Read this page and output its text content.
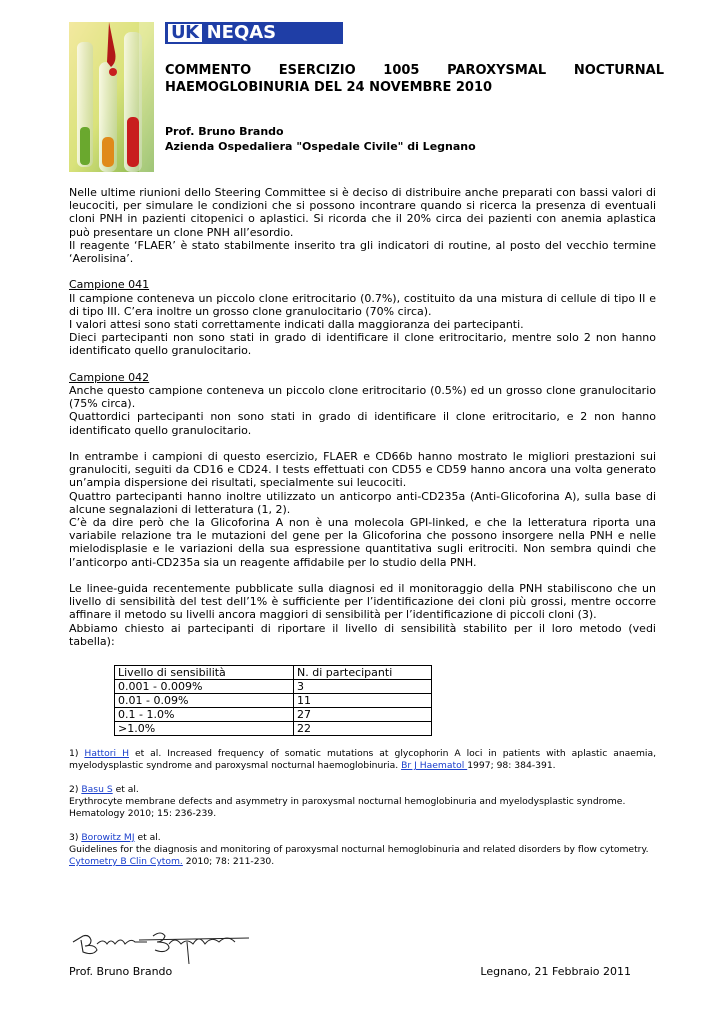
UK NEQAS
COMMENTO ESERCIZIO 1005 PAROXYSMAL NOCTURNAL
HAEMOGLOBINURIA DEL 24 NOVEMBRE 2010
Prof. Bruno Brando
Azienda Ospedaliera "Ospedale Civile" di Legnano

Nelle ultime riunioni dello Steering Committee si è deciso di distribuire anche preparati con bassi valori di leucociti, per simulare le condizioni che si possono incontrare quando si ricerca la presenza di eventuali cloni PNH in pazienti citopenici o aplastici. Si ricorda che il 20% circa dei pazienti con anemia aplastica può presentare un clone PNH all’esordio.

Il reagente ‘FLAER’ è stato stabilmente inserito tra gli indicatori di routine, al posto del vecchio termine ‘Aerolisina’.

Campione 041

Il campione conteneva un piccolo clone eritrocitario (0.7%), costituito da una mistura di cellule di tipo II e di tipo III. C’era inoltre un grosso clone granulocitario (70% circa).

I valori attesi sono stati correttamente indicati dalla maggioranza dei partecipanti.

Dieci partecipanti non sono stati in grado di identificare il clone eritrocitario, mentre solo 2 non hanno identificato quello granulocitario.

Campione 042

Anche questo campione conteneva un piccolo clone eritrocitario (0.5%) ed un grosso clone granulocitario (75% circa).

Quattordici partecipanti non sono stati in grado di identificare il clone eritrocitario, e 2 non hanno identificato quello granulocitario.

In entrambe i campioni di questo esercizio, FLAER e CD66b hanno mostrato le migliori prestazioni sui granulociti, seguiti da CD16 e CD24. I tests effettuati con CD55 e CD59 hanno ancora una volta generato un’ampia dispersione dei risultati, specialmente sui leucociti.

Quattro partecipanti hanno inoltre utilizzato un anticorpo anti-CD235a (Anti-Glicoforina A), sulla base di alcune segnalazioni di letteratura (1, 2).

C’è da dire però che la Glicoforina A non è una molecola GPI-linked, e che la letteratura riporta una variabile relazione tra le mutazioni del gene per la Glicoforina che possono insorgere nella PNH e nelle mielodisplasie e le variazioni della sua espressione quantitativa sugli eritrociti. Non sembra quindi che l’anticorpo anti-CD235a sia un reagente affidabile per lo studio della PNH.

Le linee-guida recentemente pubblicate sulla diagnosi ed il monitoraggio della PNH stabiliscono che un livello di sensibilità del test dell’1% è sufficiente per l’identificazione dei cloni più grossi, mentre occorre affinare il metodo su livelli ancora maggiori di sensibilità per l’identificazione di piccoli cloni (3).

Abbiamo chiesto ai partecipanti di riportare il livello di sensibilità stabilito per il loro metodo (vedi tabella):

Livello di sensibilità	N. di partecipanti
0.001 - 0.009%	3
0.01 - 0.09%	11
0.1 - 1.0%	27
>1.0%	22
1) Hattori H et al. Increased frequency of somatic mutations at glycophorin A loci in patients with aplastic anaemia, myelodysplastic syndrome and paroxysmal nocturnal haemoglobinuria. Br J Haematol 1997; 98: 384-391.
2) Basu S et al.
Erythrocyte membrane defects and asymmetry in paroxysmal nocturnal hemoglobinuria and myelodysplastic syndrome.
Hematology 2010; 15: 236-239.
3) Borowitz MJ et al.
Guidelines for the diagnosis and monitoring of paroxysmal nocturnal hemoglobinuria and related disorders by flow cytometry.
Cytometry B Clin Cytom. 2010; 78: 211-230.
Prof. Bruno Brando	Legnano, 21 Febbraio 2011
